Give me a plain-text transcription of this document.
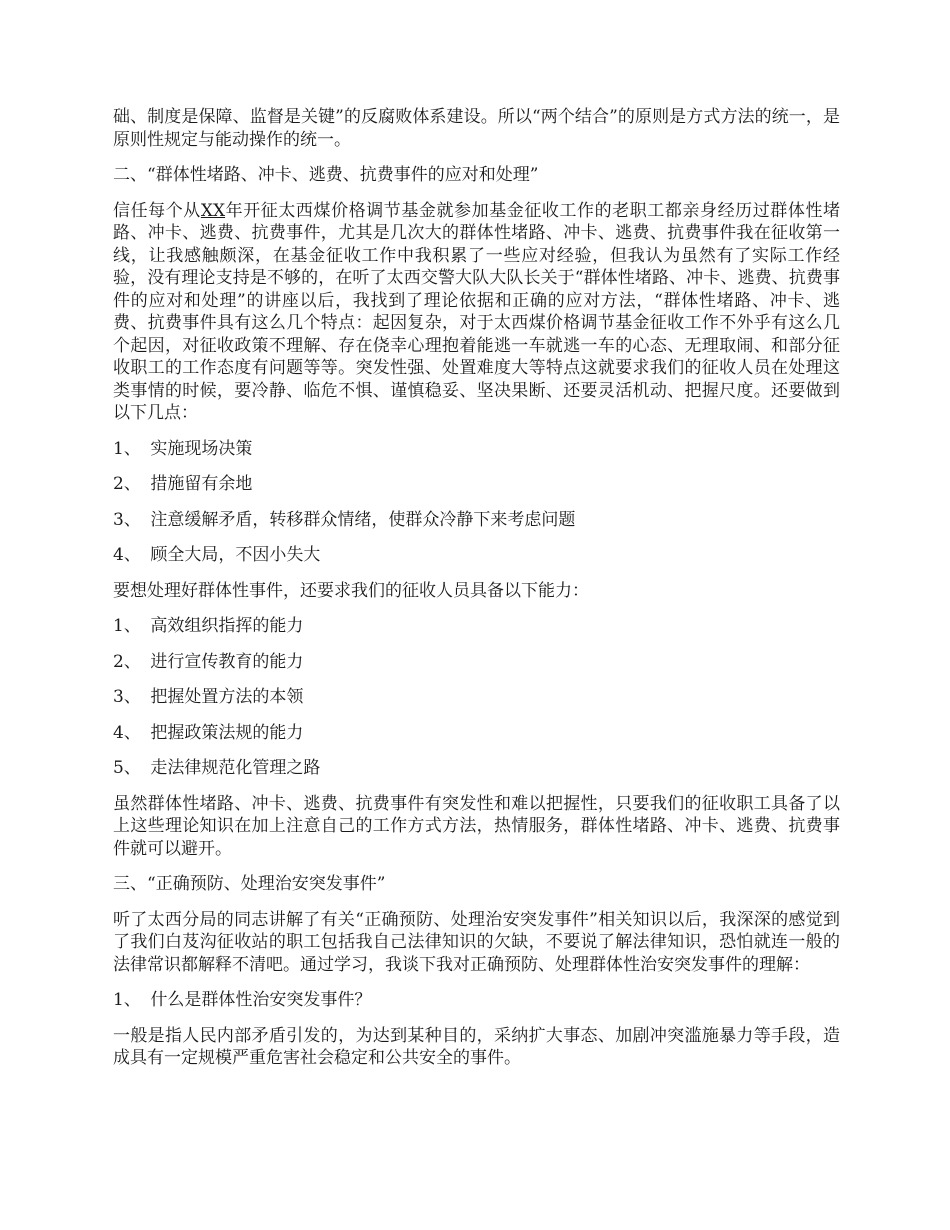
础、制度是保障、监督是关键”的反腐败体系建设。所以“两个结合”的原则是方式方法的统一，是原则性规定与能动操作的统一。

二、“群体性堵路、冲卡、逃费、抗费事件的应对和处理”

信任每个从XX年开征太西煤价格调节基金就参加基金征收工作的老职工都亲身经历过群体性堵路、冲卡、逃费、抗费事件，尤其是几次大的群体性堵路、冲卡、逃费、抗费事件我在征收第一线，让我感触颇深，在基金征收工作中我积累了一些应对经验，但我认为虽然有了实际工作经验，没有理论支持是不够的，在听了太西交警大队大队长关于“群体性堵路、冲卡、逃费、抗费事件的应对和处理”的讲座以后，我找到了理论依据和正确的应对方法，“群体性堵路、冲卡、逃费、抗费事件具有这么几个特点：起因复杂，对于太西煤价格调节基金征收工作不外乎有这么几个起因，对征收政策不理解、存在侥幸心理抱着能逃一车就逃一车的心态、无理取闹、和部分征收职工的工作态度有问题等等。突发性强、处置难度大等特点这就要求我们的征收人员在处理这类事情的时候，要冷静、临危不惧、谨慎稳妥、坚决果断、还要灵活机动、把握尺度。还要做到以下几点：

1、 实施现场决策

2、 措施留有余地

3、 注意缓解矛盾，转移群众情绪，使群众冷静下来考虑问题

4、 顾全大局，不因小失大

要想处理好群体性事件，还要求我们的征收人员具备以下能力：

1、 高效组织指挥的能力

2、 进行宣传教育的能力

3、 把握处置方法的本领

4、 把握政策法规的能力

5、 走法律规范化管理之路

虽然群体性堵路、冲卡、逃费、抗费事件有突发性和难以把握性，只要我们的征收职工具备了以上这些理论知识在加上注意自己的工作方式方法，热情服务，群体性堵路、冲卡、逃费、抗费事件就可以避开。

三、“正确预防、处理治安突发事件”

听了太西分局的同志讲解了有关“正确预防、处理治安突发事件”相关知识以后，我深深的感觉到了我们白芨沟征收站的职工包括我自己法律知识的欠缺，不要说了解法律知识，恐怕就连一般的法律常识都解释不清吧。通过学习，我谈下我对正确预防、处理群体性治安突发事件的理解：

1、 什么是群体性治安突发事件？

一般是指人民内部矛盾引发的，为达到某种目的，采纳扩大事态、加剧冲突滥施暴力等手段，造成具有一定规模严重危害社会稳定和公共安全的事件。
